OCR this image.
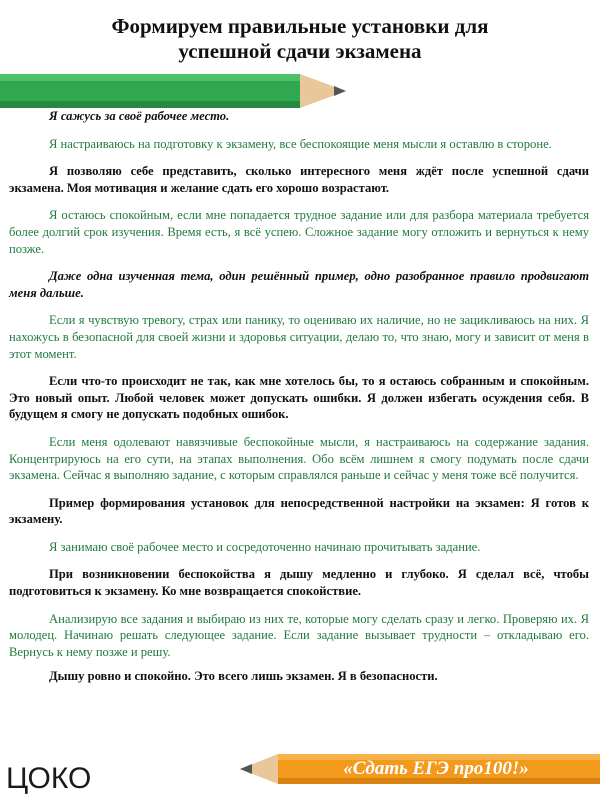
Формируем правильные установки для
успешной сдачи экзамена

Я сажусь за своё рабочее место.

Я настраиваюсь на подготовку к экзамену, все беспокоящие меня мысли я оставлю в стороне.

Я позволяю себе представить, сколько интересного меня ждёт после успешной сдачи экзамена. Моя мотивация и желание сдать его хорошо возрастают.

Я остаюсь спокойным, если мне попадается трудное задание или для разбора материала требуется более долгий срок изучения. Время есть, я всё успею. Сложное задание могу отложить и вернуться к нему позже.

Даже одна изученная тема, один решённый пример, одно разобранное правило продвигают меня дальше.

Если я чувствую тревогу, страх или панику, то оцениваю их наличие, но не зацикливаюсь на них. Я нахожусь в безопасной для своей жизни и здоровья ситуации, делаю то, что знаю, могу и зависит от меня в этот момент.

Если что-то происходит не так, как мне хотелось бы, то я остаюсь собранным и спокойным. Это новый опыт. Любой человек может допускать ошибки. Я должен избегать осуждения себя. В будущем я смогу не допускать подобных ошибок.

Если меня одолевают навязчивые беспокойные мысли, я настраиваюсь на содержание задания. Концентрируюсь на его сути, на этапах выполнения. Обо всём лишнем я смогу подумать после сдачи экзамена. Сейчас я выполняю задание, с которым справлялся раньше и сейчас у меня тоже всё получится.

Пример формирования установок для непосредственной настройки на экзамен: Я готов к экзамену.

Я занимаю своё рабочее место и сосредоточенно начинаю прочитывать задание.

При возникновении беспокойства я дышу медленно и глубоко. Я сделал всё, чтобы подготовиться к экзамену. Ко мне возвращается спокойствие.

Анализирую все задания и выбираю из них те, которые могу сделать сразу и легко. Проверяю их. Я молодец. Начинаю решать следующее задание. Если задание вызывает трудности – откладываю его. Вернусь к нему позже и решу.

Дышу ровно и спокойно. Это всего лишь экзамен. Я в безопасности.

ЦОКО	«Сдать ЕГЭ про100!»
